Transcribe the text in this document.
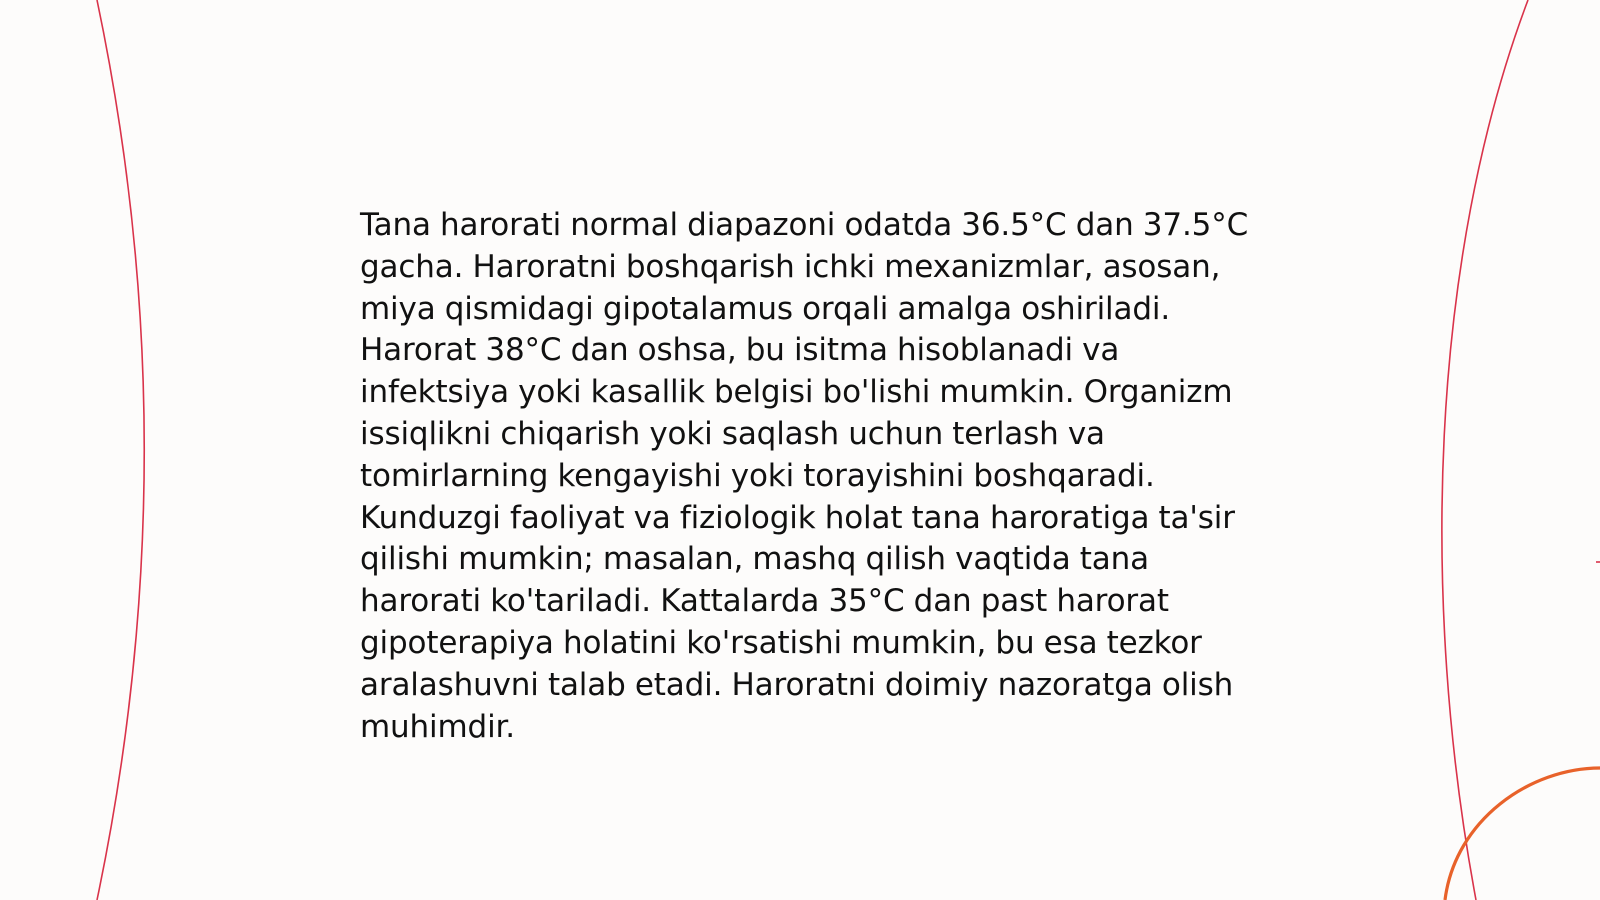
Tana harorati normal diapazoni odatda 36.5°C dan 37.5°C gacha. Haroratni boshqarish ichki mexanizmlar, asosan, miya qismidagi gipotalamus orqali amalga oshiriladi. Harorat 38°C dan oshsa, bu isitma hisoblanadi va infektsiya yoki kasallik belgisi bo'lishi mumkin. Organizm issiqlikni chiqarish yoki saqlash uchun terlash va tomirlarning kengayishi yoki torayishini boshqaradi. Kunduzgi faoliyat va fiziologik holat tana haroratiga ta'sir qilishi mumkin; masalan, mashq qilish vaqtida tana harorati ko'tariladi. Kattalarda 35°C dan past harorat gipoterapiya holatini ko'rsatishi mumkin, bu esa tezkor aralashuvni talab etadi. Haroratni doimiy nazoratga olish muhimdir.
